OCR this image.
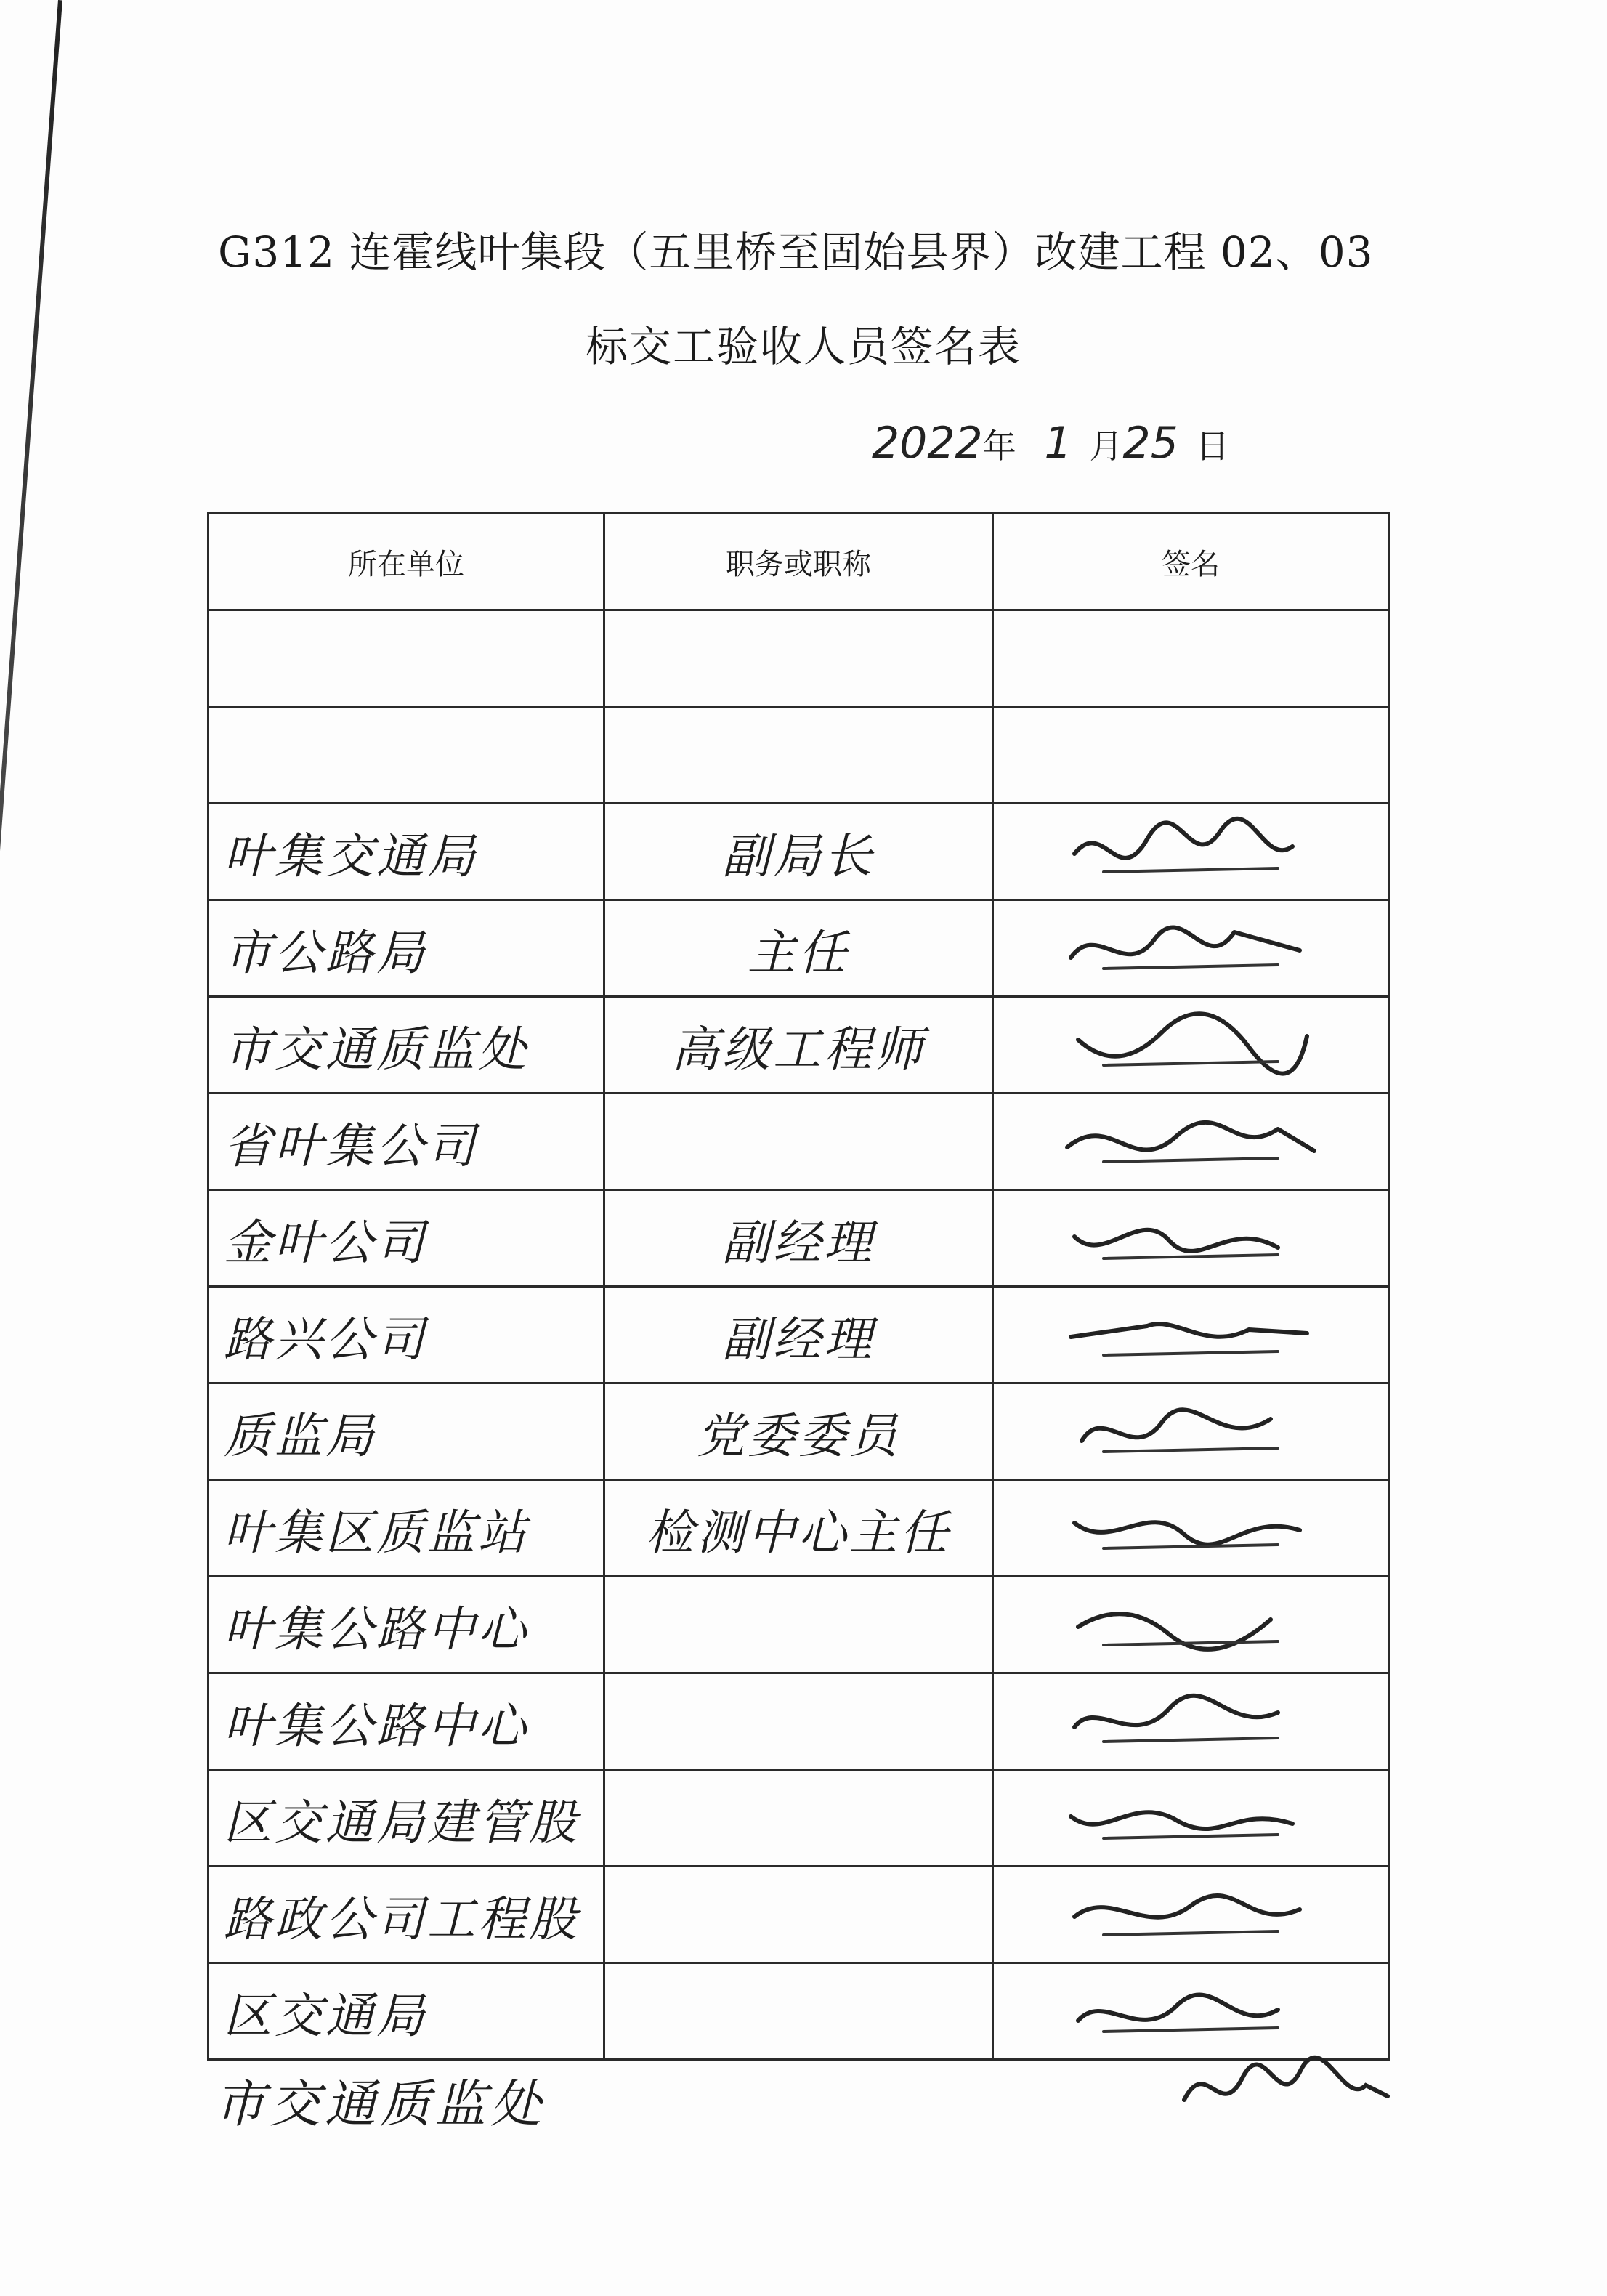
G312 连霍线叶集段（五里桥至固始县界）改建工程 02、03
标交工验收人员签名表
2022年 1 月25 日
所在单位	职务或职称	签名

叶集交通局	副局长	
市公路局	主任	
市交通质监处	高级工程师	
省叶集公司		
金叶公司	副经理	
路兴公司	副经理	
质监局	党委委员	
叶集区质监站	检测中心主任	
叶集公路中心		
叶集公路中心		
区交通局建管股		
路政公司工程股		
区交通局		
市交通质监处
